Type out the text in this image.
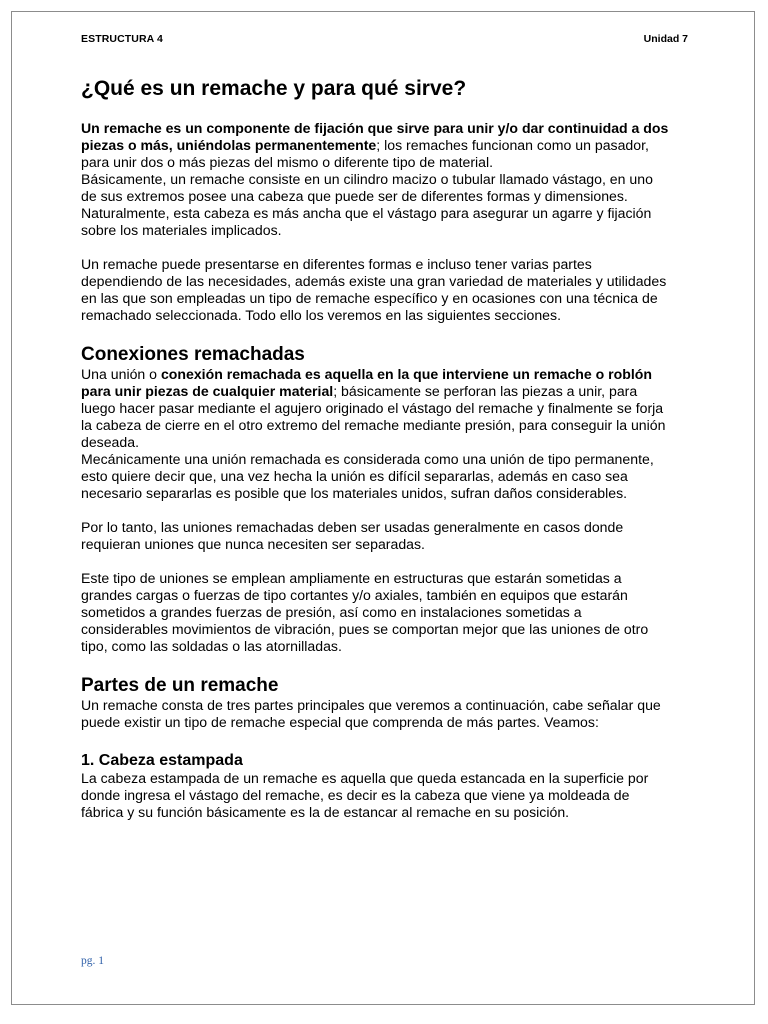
ESTRUCTURA 4	Unidad 7
¿Qué es un remache y para qué sirve?

Un remache es un componente de fijación que sirve para unir y/o dar continuidad a dos piezas o más, uniéndolas permanentemente; los remaches funcionan como un pasador, para unir dos o más piezas del mismo o diferente tipo de material.

Básicamente, un remache consiste en un cilindro macizo o tubular llamado vástago, en uno de sus extremos posee una cabeza que puede ser de diferentes formas y dimensiones. Naturalmente, esta cabeza es más ancha que el vástago para asegurar un agarre y fijación sobre los materiales implicados.

Un remache puede presentarse en diferentes formas e incluso tener varias partes dependiendo de las necesidades, además existe una gran variedad de materiales y utilidades en las que son empleadas un tipo de remache específico y en ocasiones con una técnica de remachado seleccionada. Todo ello los veremos en las siguientes secciones.

Conexiones remachadas

Una unión o conexión remachada es aquella en la que interviene un remache o roblón para unir piezas de cualquier material; básicamente se perforan las piezas a unir, para luego hacer pasar mediante el agujero originado el vástago del remache y finalmente se forja la cabeza de cierre en el otro extremo del remache mediante presión, para conseguir la unión deseada.

Mecánicamente una unión remachada es considerada como una unión de tipo permanente, esto quiere decir que, una vez hecha la unión es difícil separarlas, además en caso sea necesario separarlas es posible que los materiales unidos, sufran daños considerables.

Por lo tanto, las uniones remachadas deben ser usadas generalmente en casos donde requieran uniones que nunca necesiten ser separadas.

Este tipo de uniones se emplean ampliamente en estructuras que estarán sometidas a grandes cargas o fuerzas de tipo cortantes y/o axiales, también en equipos que estarán sometidos a grandes fuerzas de presión, así como en instalaciones sometidas a considerables movimientos de vibración, pues se comportan mejor que las uniones de otro tipo, como las soldadas o las atornilladas.

Partes de un remache

Un remache consta de tres partes principales que veremos a continuación, cabe señalar que puede existir un tipo de remache especial que comprenda de más partes. Veamos:

1. Cabeza estampada

La cabeza estampada de un remache es aquella que queda estancada en la superficie por donde ingresa el vástago del remache, es decir es la cabeza que viene ya moldeada de fábrica y su función básicamente es la de estancar al remache en su posición.

pg. 1
